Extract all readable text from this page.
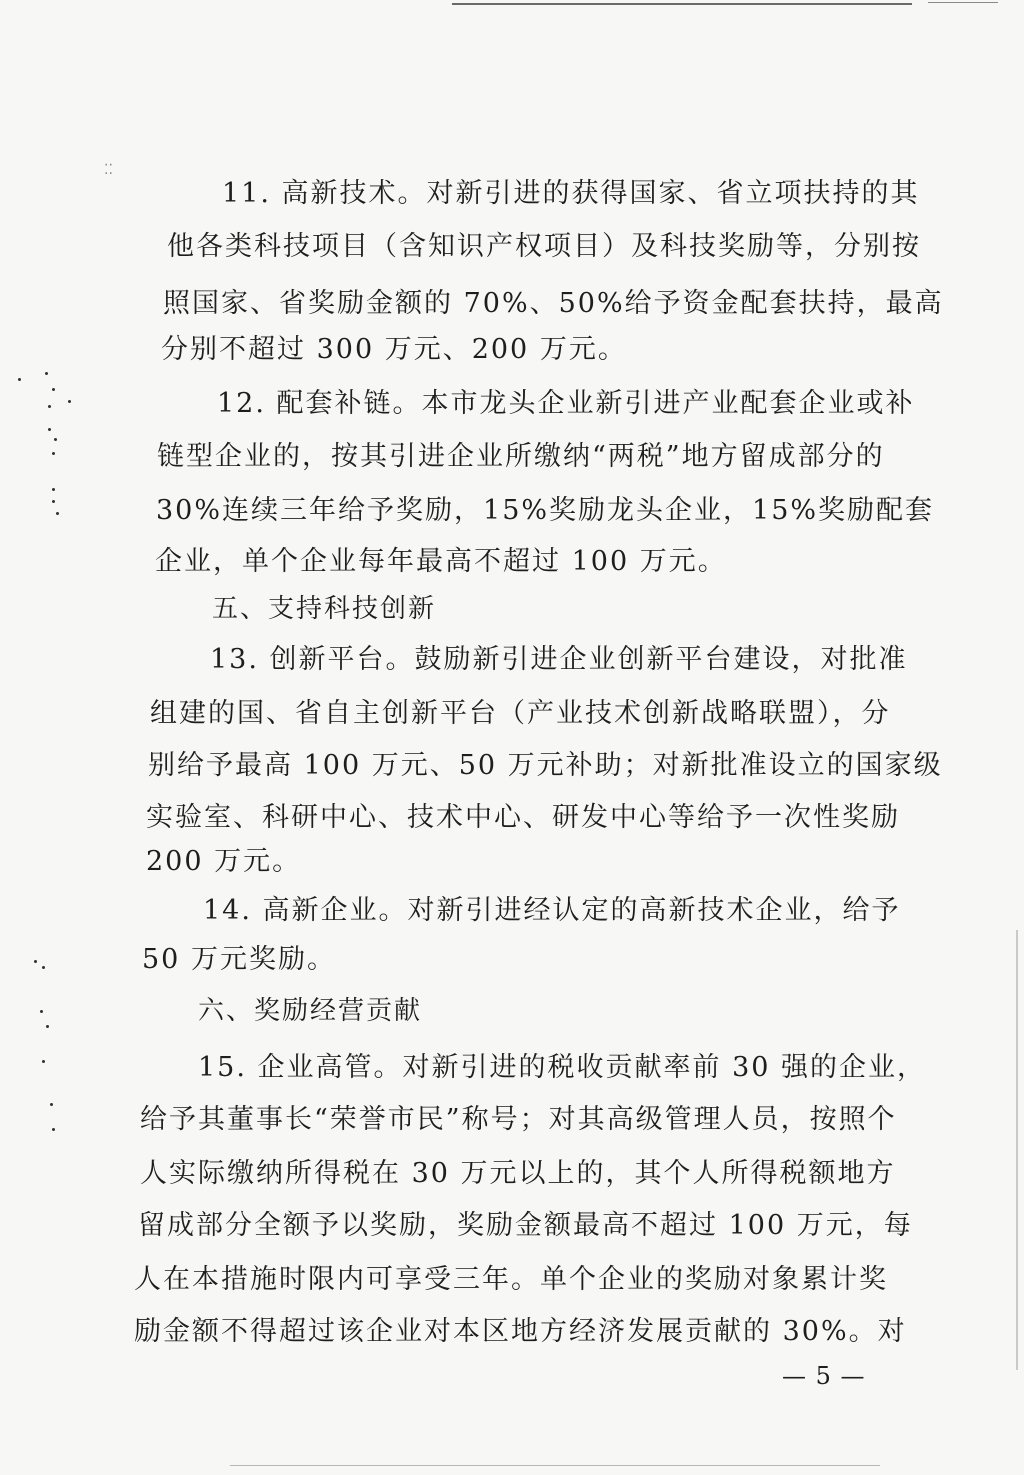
⁚⁚
11. 高新技术。对新引进的获得国家、省立项扶持的其
他各类科技项目（含知识产权项目）及科技奖励等，分别按
照国家、省奖励金额的 70%、50%给予资金配套扶持，最高
分别不超过 300 万元、200 万元。
12. 配套补链。本市龙头企业新引进产业配套企业或补
链型企业的，按其引进企业所缴纳“两税”地方留成部分的
30%连续三年给予奖励，15%奖励龙头企业，15%奖励配套
企业，单个企业每年最高不超过 100 万元。
五、支持科技创新
13. 创新平台。鼓励新引进企业创新平台建设，对批准
组建的国、省自主创新平台（产业技术创新战略联盟），分
别给予最高 100 万元、50 万元补助；对新批准设立的国家级
实验室、科研中心、技术中心、研发中心等给予一次性奖励
200 万元。
14. 高新企业。对新引进经认定的高新技术企业，给予
50 万元奖励。
六、奖励经营贡献
15. 企业高管。对新引进的税收贡献率前 30 强的企业，
给予其董事长“荣誉市民”称号；对其高级管理人员，按照个
人实际缴纳所得税在 30 万元以上的，其个人所得税额地方
留成部分全额予以奖励，奖励金额最高不超过 100 万元，每
人在本措施时限内可享受三年。单个企业的奖励对象累计奖
励金额不得超过该企业对本区地方经济发展贡献的 30%。对
— 5 —
